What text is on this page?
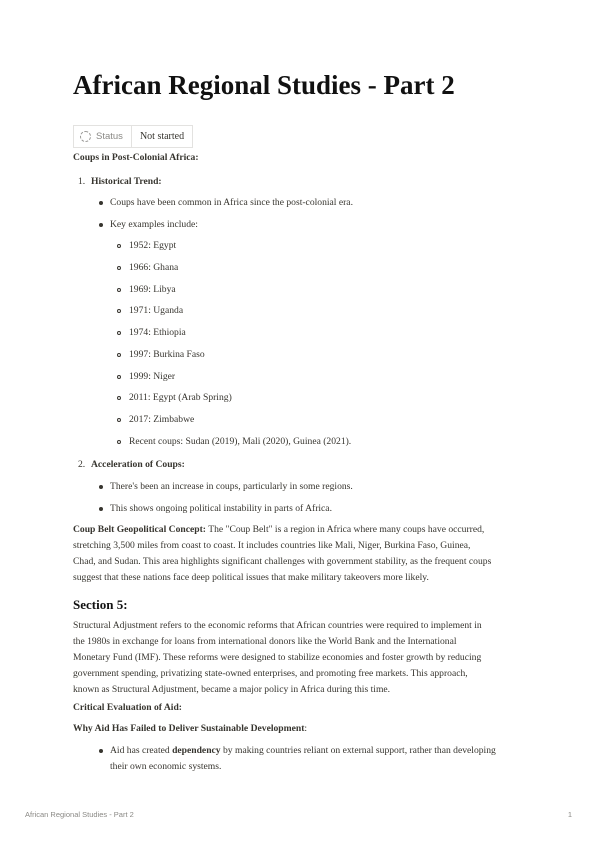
African Regional Studies - Part 2
Status	Not started
Coups in Post-Colonial Africa:
1. Historical Trend:
Coups have been common in Africa since the post-colonial era.
Key examples include:
1952: Egypt
1966: Ghana
1969: Libya
1971: Uganda
1974: Ethiopia
1997: Burkina Faso
1999: Niger
2011: Egypt (Arab Spring)
2017: Zimbabwe
Recent coups: Sudan (2019), Mali (2020), Guinea (2021).
2. Acceleration of Coups:
There's been an increase in coups, particularly in some regions.
This shows ongoing political instability in parts of Africa.
Coup Belt Geopolitical Concept: The "Coup Belt" is a region in Africa where many coups have occurred,
stretching 3,500 miles from coast to coast. It includes countries like Mali, Niger, Burkina Faso, Guinea,
Chad, and Sudan. This area highlights significant challenges with government stability, as the frequent coups
suggest that these nations face deep political issues that make military takeovers more likely.
Section 5:
Structural Adjustment refers to the economic reforms that African countries were required to implement in
the 1980s in exchange for loans from international donors like the World Bank and the International
Monetary Fund (IMF). These reforms were designed to stabilize economies and foster growth by reducing
government spending, privatizing state-owned enterprises, and promoting free markets. This approach,
known as Structural Adjustment, became a major policy in Africa during this time.
Critical Evaluation of Aid:
Why Aid Has Failed to Deliver Sustainable Development:
Aid has created dependency by making countries reliant on external support, rather than developing
their own economic systems.
African Regional Studies - Part 2	1
